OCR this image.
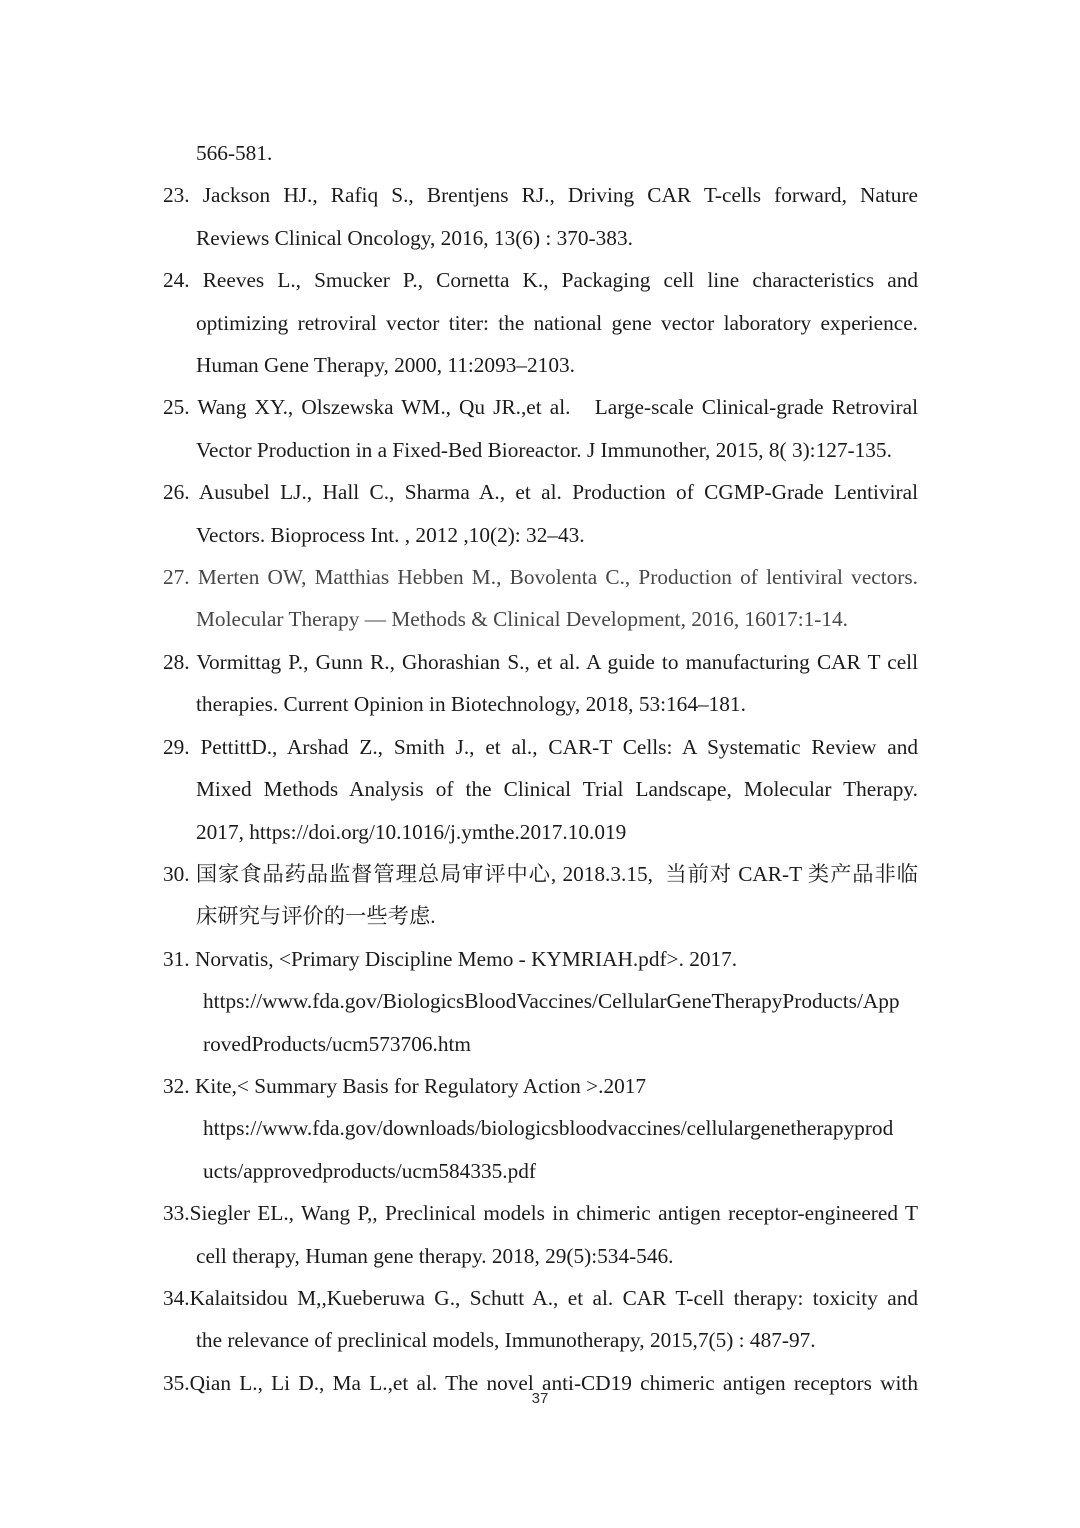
566-581.
23. Jackson HJ., Rafiq S., Brentjens RJ., Driving CAR T-cells forward, Nature
Reviews Clinical Oncology, 2016, 13(6) : 370-383.
24. Reeves L., Smucker P., Cornetta K., Packaging cell line characteristics and
optimizing retroviral vector titer: the national gene vector laboratory experience.
Human Gene Therapy, 2000, 11:2093–2103.
25. Wang XY., Olszewska WM., Qu JR.,et al.   Large-scale Clinical-grade Retroviral
Vector Production in a Fixed-Bed Bioreactor. J Immunother, 2015, 8( 3):127-135.
26. Ausubel LJ., Hall C., Sharma A., et al. Production of CGMP-Grade Lentiviral
Vectors. Bioprocess Int. , 2012 ,10(2): 32–43.
27. Merten OW, Matthias Hebben M., Bovolenta C., Production of lentiviral vectors.
Molecular Therapy — Methods & Clinical Development, 2016, 16017:1-14.
28. Vormittag P., Gunn R., Ghorashian S., et al. A guide to manufacturing CAR T cell
therapies. Current Opinion in Biotechnology, 2018, 53:164–181.
29. PettittD., Arshad Z., Smith J., et al., CAR-T Cells: A Systematic Review and
Mixed Methods Analysis of the Clinical Trial Landscape, Molecular Therapy.
2017, https://doi.org/10.1016/j.ymthe.2017.10.019
30. 国家食品药品监督管理总局审评中心, 2018.3.15,  当前对 CAR-T 类产品非临
床研究与评价的一些考虑.
31. Norvatis, <Primary Discipline Memo - KYMRIAH.pdf>. 2017.
https://www.fda.gov/BiologicsBloodVaccines/CellularGeneTherapyProducts/App
rovedProducts/ucm573706.htm
32. Kite,< Summary Basis for Regulatory Action >.2017
https://www.fda.gov/downloads/biologicsbloodvaccines/cellulargenetherapyprod
ucts/approvedproducts/ucm584335.pdf
33.Siegler EL., Wang P,, Preclinical models in chimeric antigen receptor-engineered T
cell therapy, Human gene therapy. 2018, 29(5):534-546.
34.Kalaitsidou M,,Kueberuwa G., Schutt A., et al. CAR T-cell therapy: toxicity and
the relevance of preclinical models, Immunotherapy, 2015,7(5) : 487-97.
35.Qian L., Li D., Ma L.,et al. The novel anti-CD19 chimeric antigen receptors with
37
